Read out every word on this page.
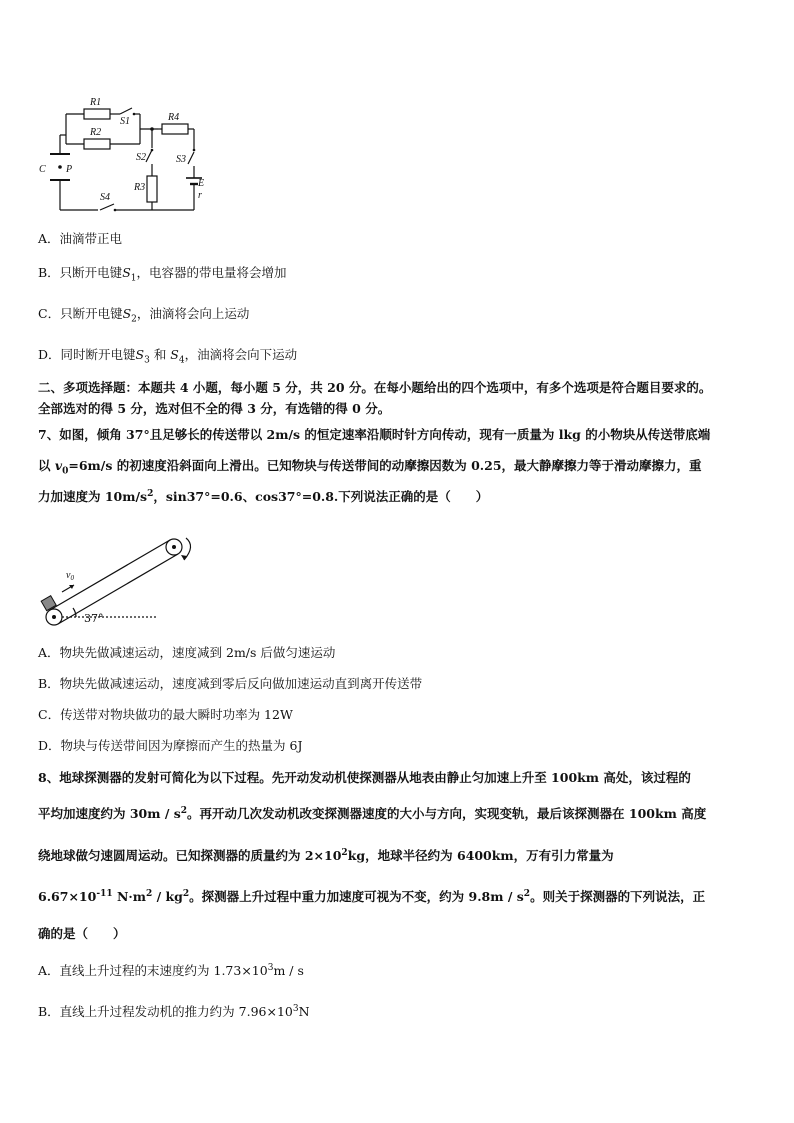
R1
R2
S1	R4
S2	S3
R3
S4
C P
E
r
A．油滴带正电
B．只断开电键$S_1$，电容器的带电量将会增加
C．只断开电键$S_2$，油滴将会向上运动
D．同时断开电键$S_3$ 和 $S_4$，油滴将会向下运动
二、多项选择题：本题共 4 小题，每小题 5 分，共 20 分。在每小题给出的四个选项中，有多个选项是符合题目要求的。
全部选对的得 5 分，选对但不全的得 3 分，有选错的得 0 分。
7、如图，倾角 37°且足够长的传送带以 2m/s 的恒定速率沿顺时针方向传动，现有一质量为 lkg 的小物块从传送带底端
以 $v_0=6m/s$ 的初速度沿斜面向上滑出。已知物块与传送带间的动摩擦因数为 0.25，最大静摩擦力等于滑动摩擦力，重
力加速度为 $10m/s^2$，sin37°=0.6、cos37°=0.8.下列说法正确的是（　　）
37°
$v_0$
A．物块先做减速运动，速度减到 2m/s 后做匀速运动
B．物块先做减速运动，速度减到零后反向做加速运动直到离开传送带
C．传送带对物块做功的最大瞬时功率为 12W
D．物块与传送带间因为摩擦而产生的热量为 6J
8、地球探测器的发射可简化为以下过程。先开动发动机使探测器从地表由静止匀加速上升至 100km 高处，该过程的
平均加速度约为 $30m / s^2$。再开动几次发动机改变探测器速度的大小与方向，实现变轨，最后该探测器在 100km 高度
绕地球做匀速圆周运动。已知探测器的质量约为 $2\times 10^2kg$，地球半径约为 6400km，万有引力常量为
$6.67\times 10^{-11}$ $N\cdot m^2 / kg^2$。探测器上升过程中重力加速度可视为不变，约为 $9.8m / s^2$。则关于探测器的下列说法，正
确的是（　　）
A．直线上升过程的末速度约为 $1.73\times 10^3m / s$
B．直线上升过程发动机的推力约为 $7.96\times 10^3N$
